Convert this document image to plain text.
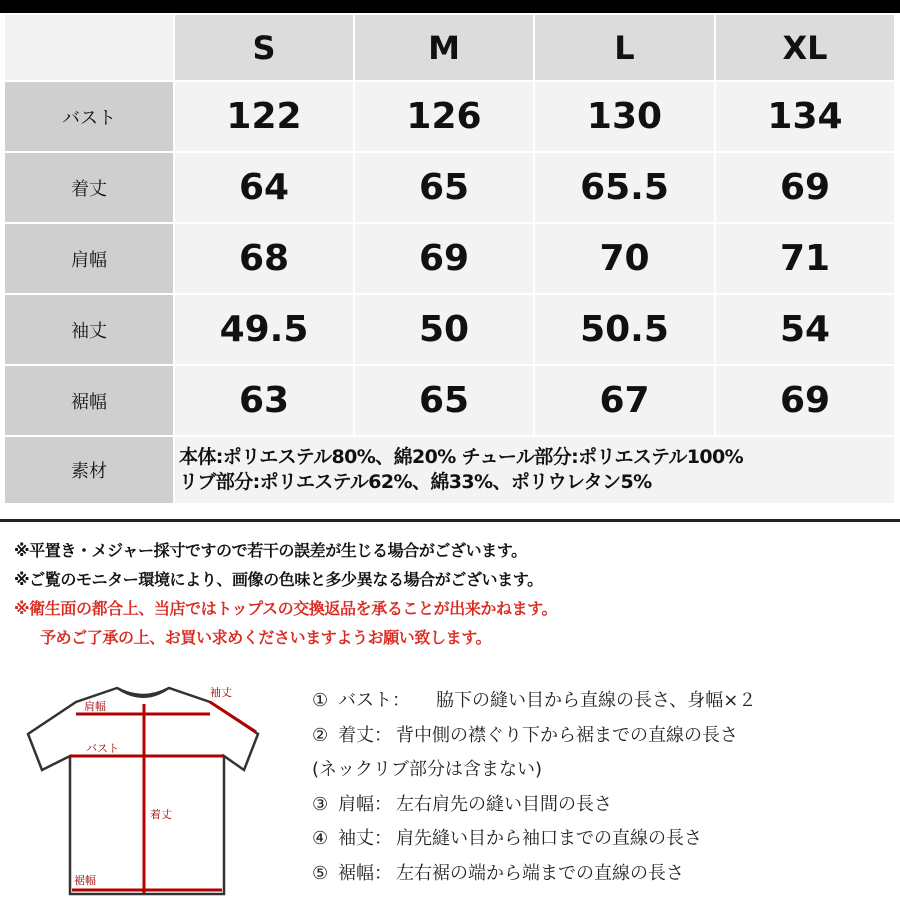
	S	M	L	XL
バスト	122	126	130	134
着丈	64	65	65.5	69
肩幅	68	69	70	71
袖丈	49.5	50	50.5	54
裾幅	63	65	67	69
素材	本体:ポリエステル80%、綿20% チュール部分:ポリエステル100%
リブ部分:ポリエステル62%、綿33%、ポリウレタン5%			
※平置き・メジャー採寸ですので若干の誤差が生じる場合がございます。
※ご覧のモニター環境により、画像の色味と多少異なる場合がございます。
※衛生面の都合上、当店ではトップスの交換返品を承ることが出来かねます。
予めご了承の上、お買い求めくださいますようお願い致します。
袖丈
肩幅
バスト
着丈
裾幅
① バスト： 脇下の縫い目から直線の長さ、身幅×２
② 着丈： 背中側の襟ぐり下から裾までの直線の長さ
(ネックリブ部分は含まない)
③ 肩幅： 左右肩先の縫い目間の長さ
④ 袖丈： 肩先縫い目から袖口までの直線の長さ
⑤ 裾幅： 左右裾の端から端までの直線の長さ
